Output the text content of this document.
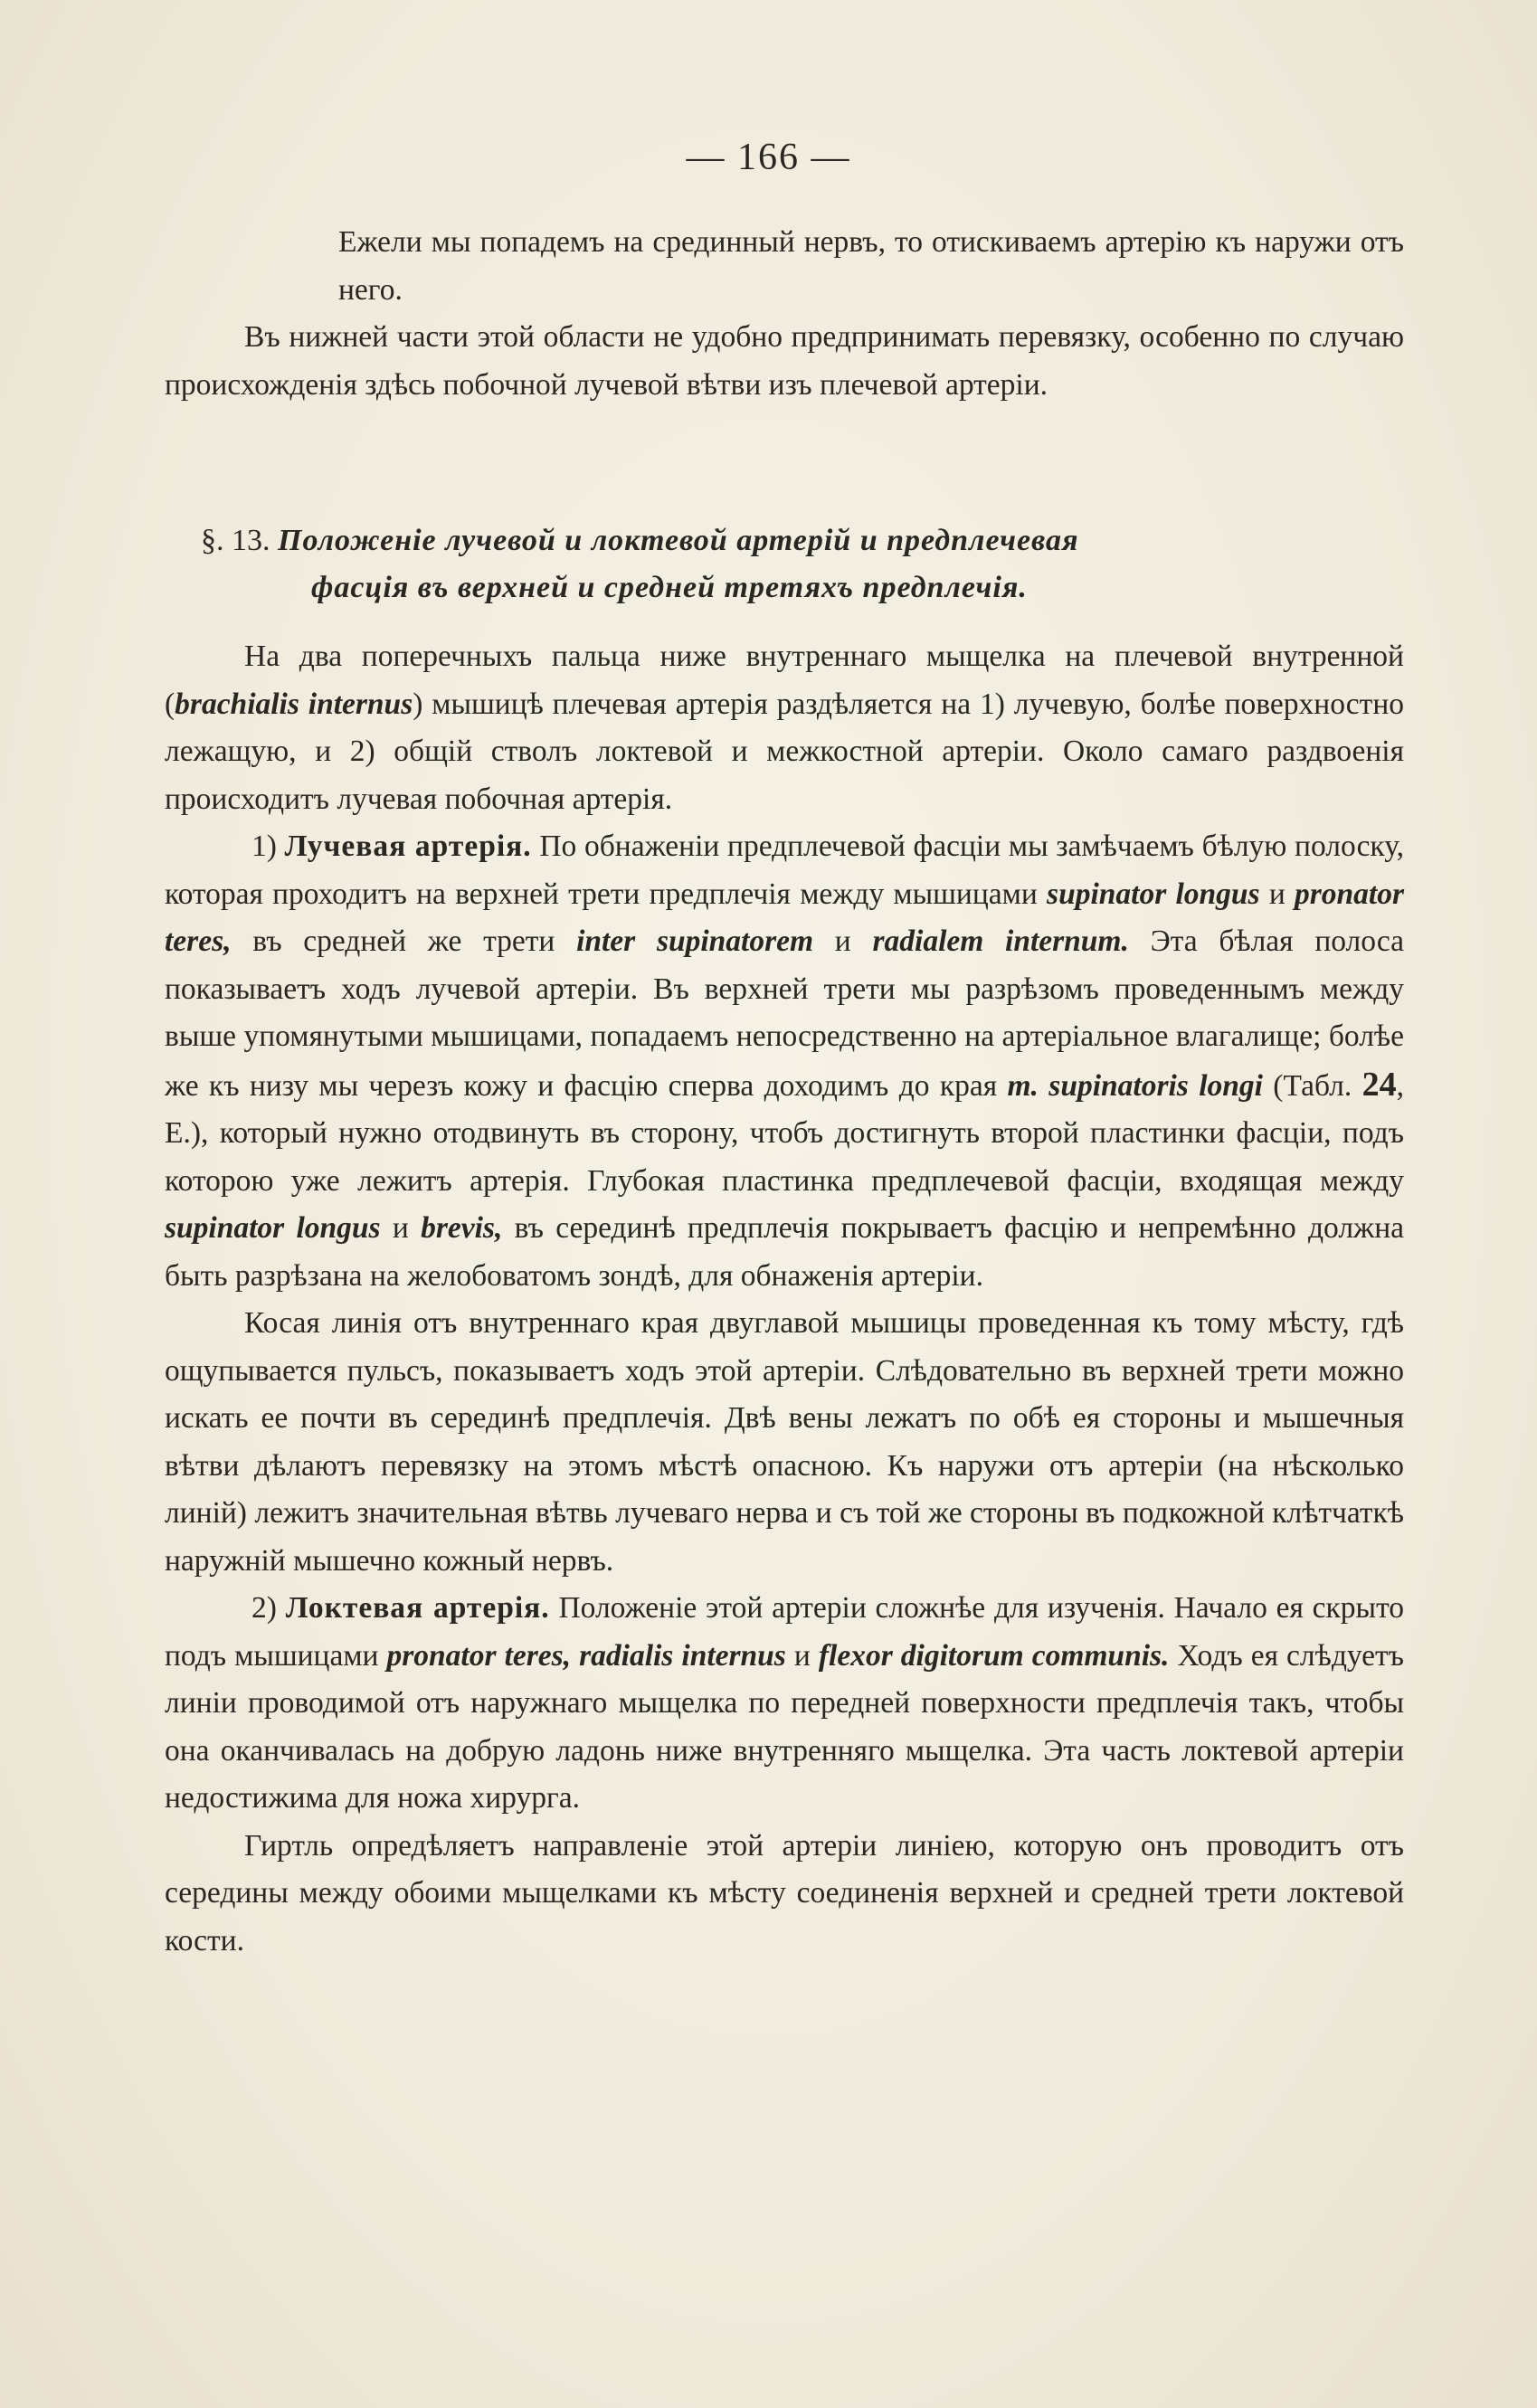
— 166 —

Ежели мы попадемъ на срединный нервъ, то отискиваемъ артерію къ наружи отъ него.

Въ нижней части этой области не удобно предпринимать перевязку, особенно по случаю происхожденія здѣсь побочной лучевой вѣтви изъ плечевой артеріи.

§. 13. Положеніе лучевой и локтевой артерій и предплечевая
фасція въ верхней и средней третяхъ предплечія.

На два поперечныхъ пальца ниже внутреннаго мыщелка на плечевой внутренной (brachialis internus) мышицѣ плечевая артерія раздѣляется на 1) лучевую, болѣе поверхностно лежащую, и 2) общій стволъ локтевой и межкостной артеріи. Около самаго раздвоенія происходитъ лучевая побочная артерія.

1) Лучевая артерія. По обнаженіи предплечевой фасціи мы замѣчаемъ бѣлую полоску, которая проходитъ на верхней трети предплечія между мышицами supinator longus и pronator teres, въ средней же трети inter supinatorem и radialem internum. Эта бѣлая полоса показываетъ ходъ лучевой артеріи. Въ верхней трети мы разрѣзомъ проведеннымъ между выше упомянутыми мышицами, попадаемъ непосредственно на артеріальное влагалище; болѣе же къ низу мы черезъ кожу и фасцію сперва доходимъ до края m. supinatoris longi (Табл. 24, Е.), который нужно отодвинуть въ сторону, чтобъ достигнуть второй пластинки фасціи, подъ которою уже лежитъ артерія. Глубокая пластинка предплечевой фасціи, входящая между supinator longus и brevis, въ серединѣ предплечія покрываетъ фасцію и непремѣнно должна быть разрѣзана на желобоватомъ зондѣ, для обнаженія артеріи.

Косая линія отъ внутреннаго края двуглавой мышицы проведенная къ тому мѣсту, гдѣ ощупывается пульсъ, показываетъ ходъ этой артеріи. Слѣдовательно въ верхней трети можно искать ее почти въ серединѣ предплечія. Двѣ вены лежатъ по обѣ ея стороны и мышечныя вѣтви дѣлаютъ перевязку на этомъ мѣстѣ опасною. Къ наружи отъ артеріи (на нѣсколько линій) лежитъ значительная вѣтвь лучеваго нерва и съ той же стороны въ подкожной клѣтчаткѣ наружній мышечно кожный нервъ.

2) Локтевая артерія. Положеніе этой артеріи сложнѣе для изученія. Начало ея скрыто подъ мышицами pronator teres, radialis internus и flexor digitorum communis. Ходъ ея слѣдуетъ линіи проводимой отъ наружнаго мыщелка по передней поверхности предплечія такъ, чтобы она оканчивалась на добрую ладонь ниже внутренняго мыщелка. Эта часть локтевой артеріи недостижима для ножа хирурга.

Гиртль опредѣляетъ направленіе этой артеріи линіею, которую онъ проводитъ отъ середины между обоими мыщелками къ мѣсту соединенія верхней и средней трети локтевой кости.
